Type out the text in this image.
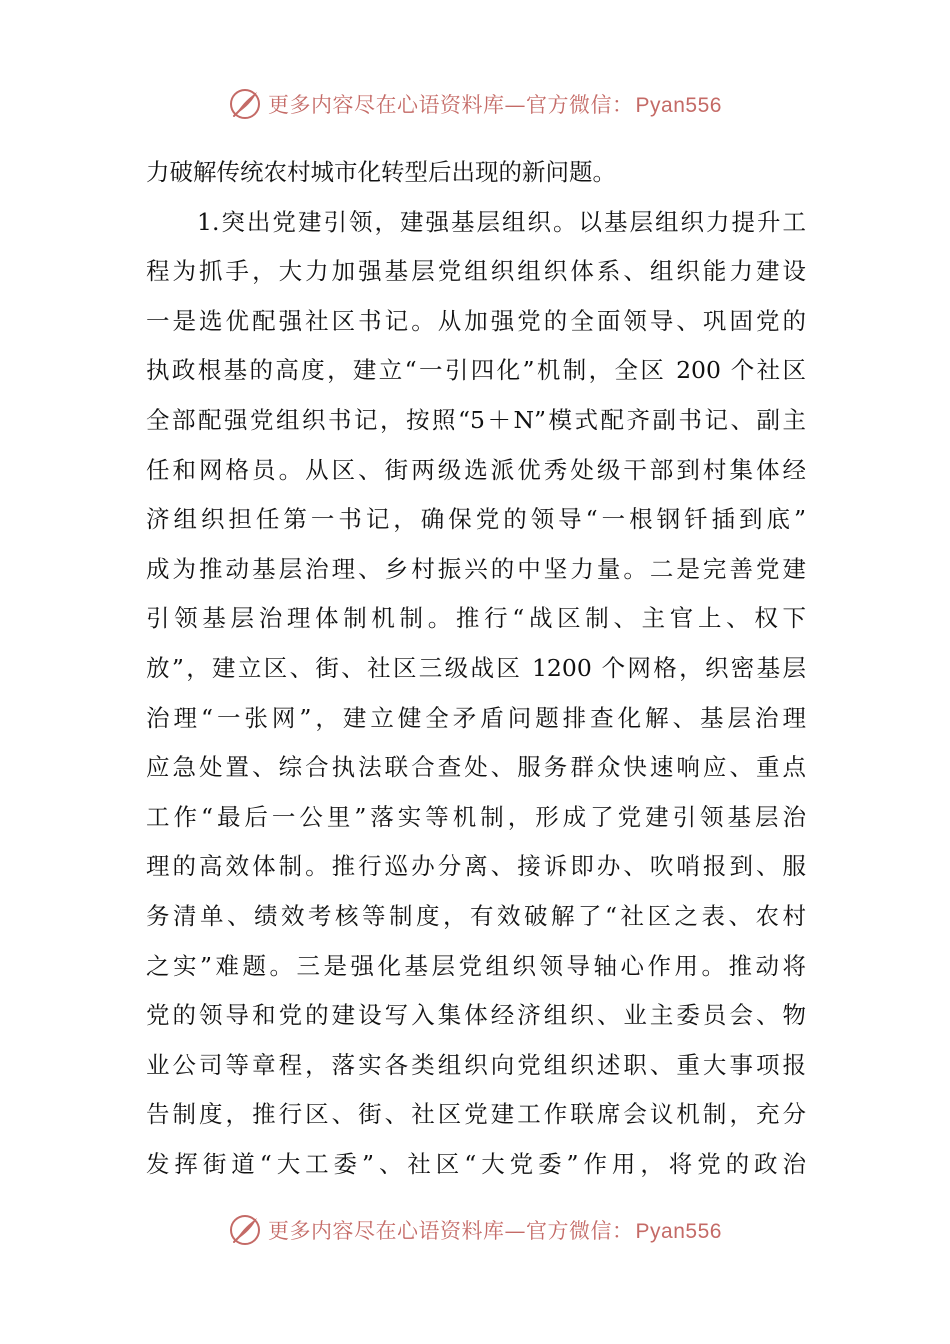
更多内容尽在心语资料库—官方微信：Pyan556
力破解传统农村城市化转型后出现的新问题。
　　1.突出党建引领，建强基层组织。以基层组织力提升工
程为抓手，大力加强基层党组织组织体系、组织能力建设
一是选优配强社区书记。从加强党的全面领导、巩固党的
执政根基的高度，建立“一引四化”机制，全区 200 个社区
全部配强党组织书记，按照“5＋N”模式配齐副书记、副主
任和网格员。从区、街两级选派优秀处级干部到村集体经
济组织担任第一书记，确保党的领导“一根钢钎插到底”
成为推动基层治理、乡村振兴的中坚力量。二是完善党建
引领基层治理体制机制。推行“战区制、主官上、权下
放”，建立区、街、社区三级战区 1200 个网格，织密基层
治理“一张网”，建立健全矛盾问题排查化解、基层治理
应急处置、综合执法联合查处、服务群众快速响应、重点
工作“最后一公里”落实等机制，形成了党建引领基层治
理的高效体制。推行巡办分离、接诉即办、吹哨报到、服
务清单、绩效考核等制度，有效破解了“社区之表、农村
之实”难题。三是强化基层党组织领导轴心作用。推动将
党的领导和党的建设写入集体经济组织、业主委员会、物
业公司等章程，落实各类组织向党组织述职、重大事项报
告制度，推行区、街、社区党建工作联席会议机制，充分
发挥街道“大工委”、社区“大党委”作用，将党的政治
更多内容尽在心语资料库—官方微信：Pyan556
